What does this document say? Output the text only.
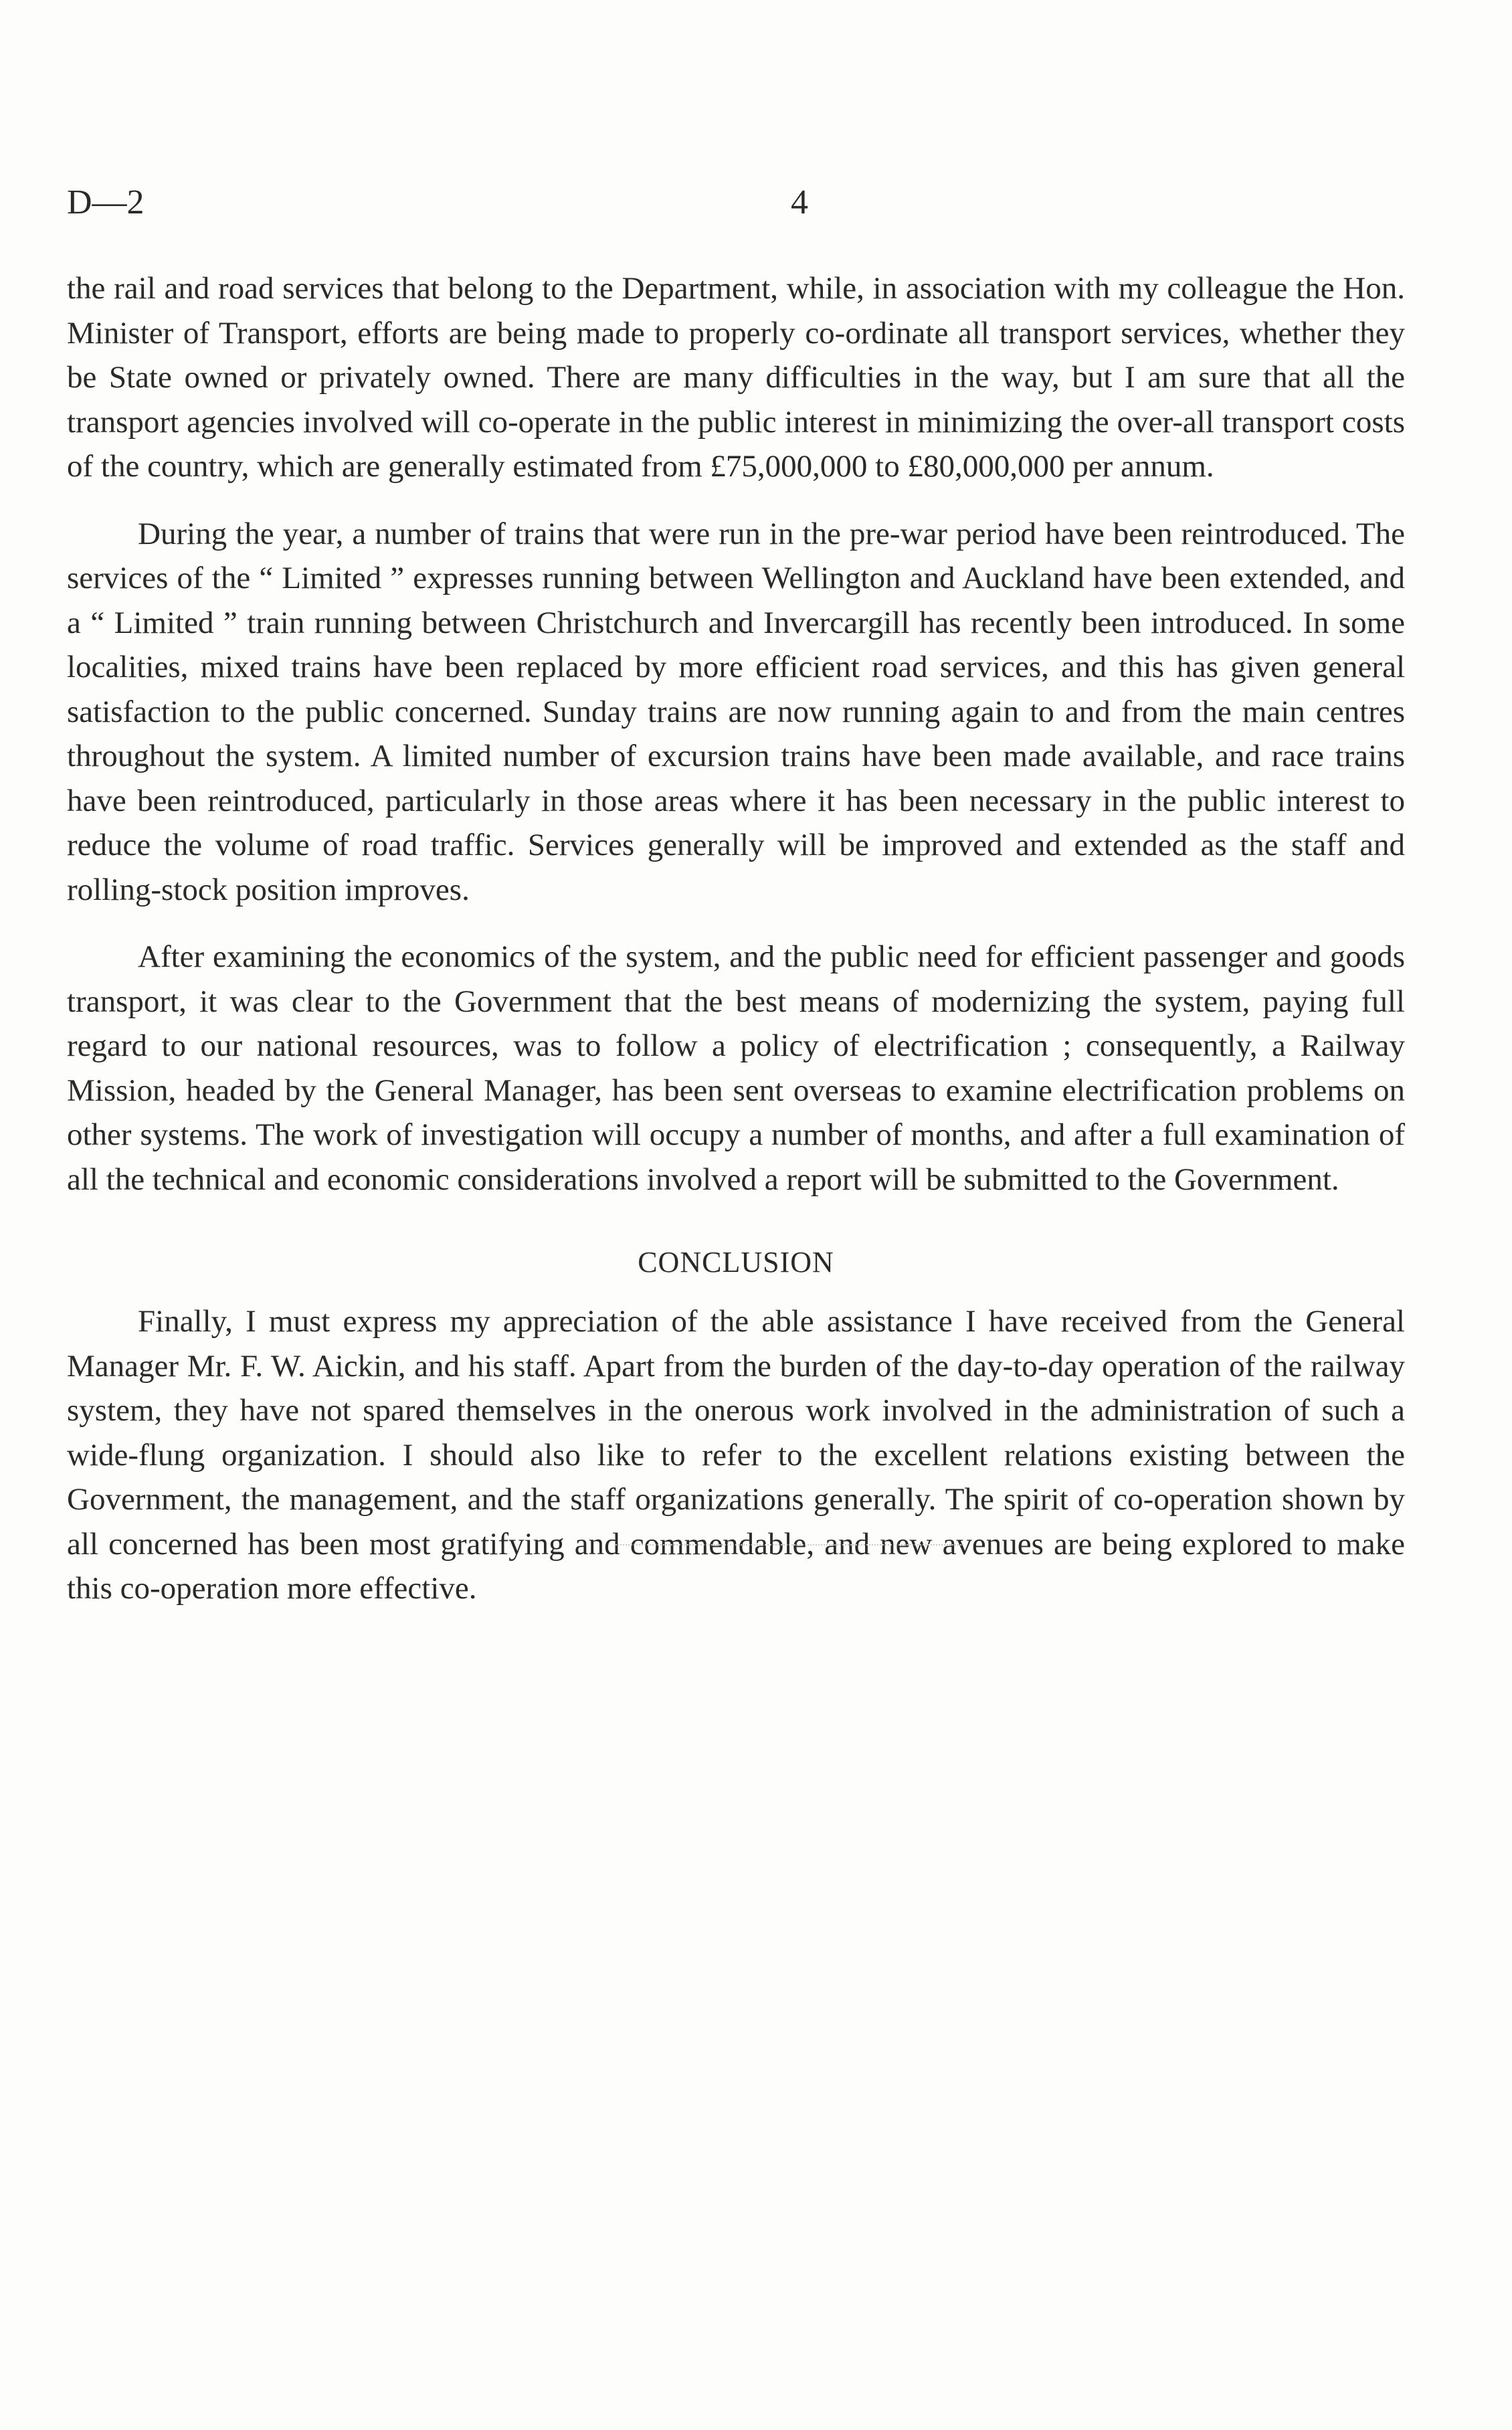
D—2	4

the rail and road services that belong to the Department, while, in association with my colleague the Hon. Minister of Transport, efforts are being made to properly co-ordinate all transport services, whether they be State owned or privately owned. There are many difficulties in the way, but I am sure that all the transport agencies involved will co-operate in the public interest in minimizing the over-all transport costs of the country, which are generally estimated from £75,000,000 to £80,000,000 per annum.

During the year, a number of trains that were run in the pre-war period have been reintroduced. The services of the “ Limited ” expresses running between Wellington and Auckland have been extended, and a “ Limited ” train running between Christchurch and Invercargill has recently been introduced. In some localities, mixed trains have been replaced by more efficient road services, and this has given general satisfaction to the public concerned. Sunday trains are now running again to and from the main centres throughout the system. A limited number of excursion trains have been made available, and race trains have been reintroduced, particularly in those areas where it has been necessary in the public interest to reduce the volume of road traffic. Services generally will be improved and extended as the staff and rolling-stock position improves.

After examining the economics of the system, and the public need for efficient passenger and goods transport, it was clear to the Government that the best means of modernizing the system, paying full regard to our national resources, was to follow a policy of electrification ; consequently, a Railway Mission, headed by the General Manager, has been sent overseas to examine electrification problems on other systems. The work of investigation will occupy a number of months, and after a full examination of all the technical and economic considerations involved a report will be submitted to the Government.

CONCLUSION

Finally, I must express my appreciation of the able assistance I have received from the General Manager Mr. F. W. Aickin, and his staff. Apart from the burden of the day-to-day operation of the railway system, they have not spared themselves in the onerous work involved in the administration of such a wide-flung organization. I should also like to refer to the excellent relations existing between the Government, the management, and the staff organizations generally. The spirit of co-operation shown by all concerned has been most gratifying and commendable, and new avenues are being explored to make this co-operation more effective.
